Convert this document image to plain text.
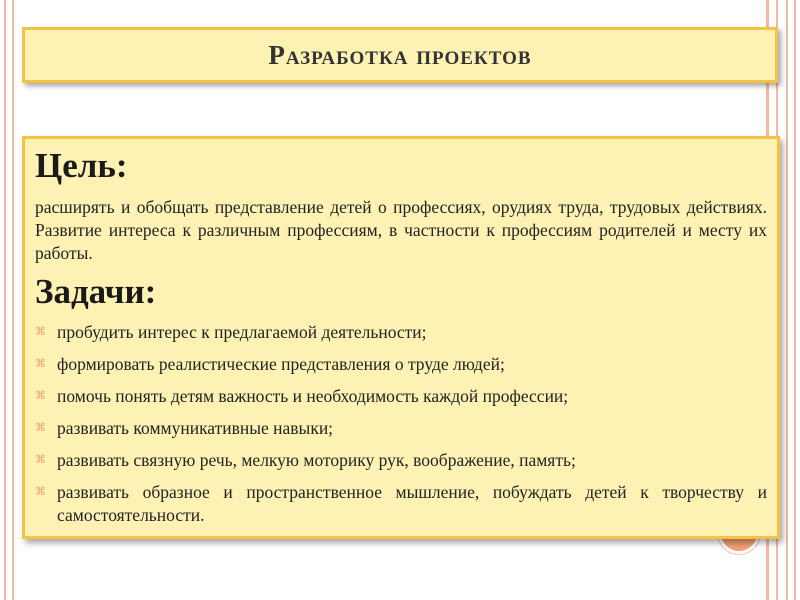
Разработка проектов

Цель:

расширять и обобщать представление детей о профессиях, орудиях труда, трудовых действиях. Развитие интереса к различным профессиям, в частности к профессиям родителей и месту их работы.

Задачи:

⌘ пробудить интерес к предлагаемой деятельности;
⌘ формировать реалистические представления о труде людей;
⌘ помочь понять детям важность и необходимость каждой профессии;
⌘ развивать коммуникативные навыки;
⌘ развивать связную речь, мелкую моторику рук, воображение, память;
⌘ развивать образное и пространственное мышление, побуждать детей к творчеству и самостоятельности.
